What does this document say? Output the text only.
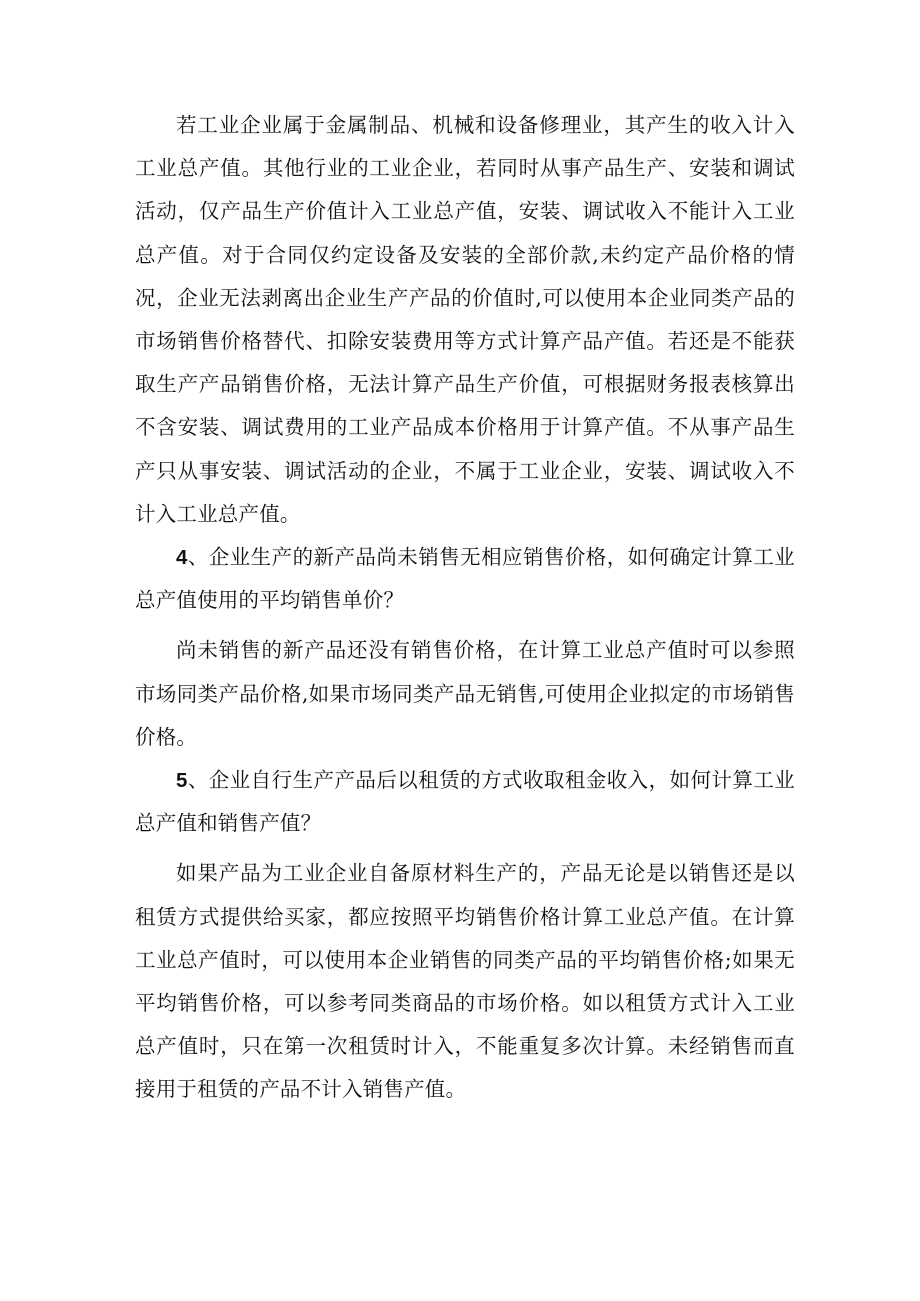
若工业企业属于金属制品、机械和设备修理业，其产生的收入计入工业总产值。其他行业的工业企业，若同时从事产品生产、安装和调试活动，仅产品生产价值计入工业总产值，安装、调试收入不能计入工业总产值。对于合同仅约定设备及安装的全部价款,未约定产品价格的情况，企业无法剥离出企业生产产品的价值时,可以使用本企业同类产品的市场销售价格替代、扣除安装费用等方式计算产品产值。若还是不能获取生产产品销售价格，无法计算产品生产价值，可根据财务报表核算出不含安装、调试费用的工业产品成本价格用于计算产值。不从事产品生产只从事安装、调试活动的企业，不属于工业企业，安装、调试收入不计入工业总产值。

4、企业生产的新产品尚未销售无相应销售价格，如何确定计算工业总产值使用的平均销售单价？

尚未销售的新产品还没有销售价格，在计算工业总产值时可以参照市场同类产品价格,如果市场同类产品无销售,可使用企业拟定的市场销售价格。

5、企业自行生产产品后以租赁的方式收取租金收入，如何计算工业总产值和销售产值？

如果产品为工业企业自备原材料生产的，产品无论是以销售还是以租赁方式提供给买家，都应按照平均销售价格计算工业总产值。在计算工业总产值时，可以使用本企业销售的同类产品的平均销售价格;如果无平均销售价格，可以参考同类商品的市场价格。如以租赁方式计入工业总产值时，只在第一次租赁时计入，不能重复多次计算。未经销售而直接用于租赁的产品不计入销售产值。
